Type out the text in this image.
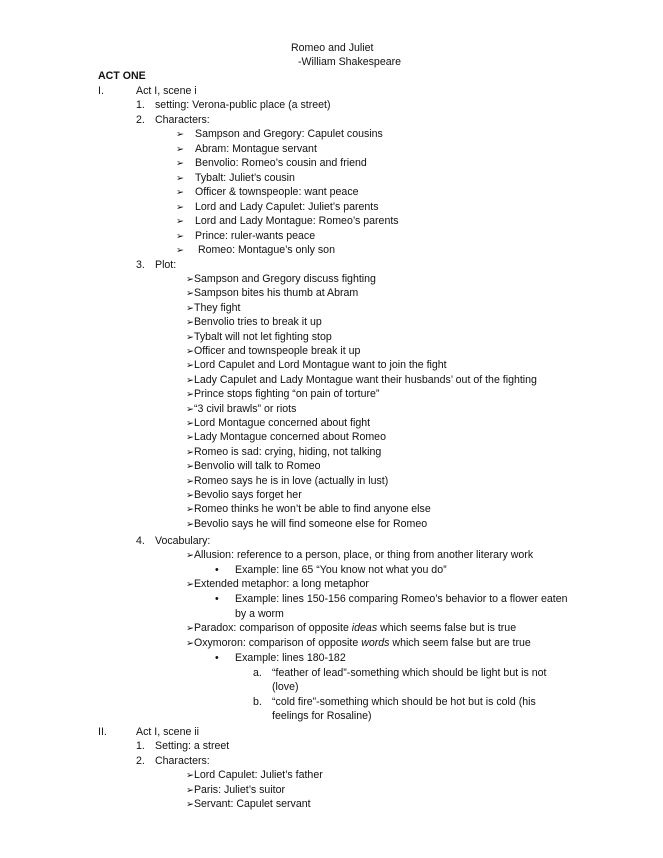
Romeo and Juliet
-William Shakespeare
ACT ONE
I.	Act I, scene i
1. setting: Verona-public place (a street)
2. Characters:
➢ Sampson and Gregory: Capulet cousins
➢ Abram: Montague servant
➢ Benvolio: Romeo’s cousin and friend
➢ Tybalt: Juliet’s cousin
➢ Officer & townspeople: want peace
➢ Lord and Lady Capulet: Juliet’s parents
➢ Lord and Lady Montague: Romeo’s parents
➢ Prince: ruler-wants peace
➢ Romeo: Montague’s only son
3. Plot:
➢Sampson and Gregory discuss fighting
➢Sampson bites his thumb at Abram
➢They fight
➢Benvolio tries to break it up
➢Tybalt will not let fighting stop
➢Officer and townspeople break it up
➢Lord Capulet and Lord Montague want to join the fight
➢Lady Capulet and Lady Montague want their husbands’ out of the fighting
➢Prince stops fighting “on pain of torture”
➢“3 civil brawls” or riots
➢Lord Montague concerned about fight
➢Lady Montague concerned about Romeo
➢Romeo is sad: crying, hiding, not talking
➢Benvolio will talk to Romeo
➢Romeo says he is in love (actually in lust)
➢Bevolio says forget her
➢Romeo thinks he won’t be able to find anyone else
➢Bevolio says he will find someone else for Romeo
4. Vocabulary:
➢Allusion: reference to a person, place, or thing from another literary work
• Example: line 65 “You know not what you do”
➢Extended metaphor: a long metaphor
• Example: lines 150-156 comparing Romeo’s behavior to a flower eaten
by a worm
➢Paradox: comparison of opposite ideas which seems false but is true
➢Oxymoron: comparison of opposite words which seem false but are true
• Example: lines 180-182
a. “feather of lead”-something which should be light but is not
(love)
b. “cold fire”-something which should be hot but is cold (his
feelings for Rosaline)
II.	Act I, scene ii
1. Setting: a street
2. Characters:
➢Lord Capulet: Juliet’s father
➢Paris: Juliet’s suitor
➢Servant: Capulet servant
